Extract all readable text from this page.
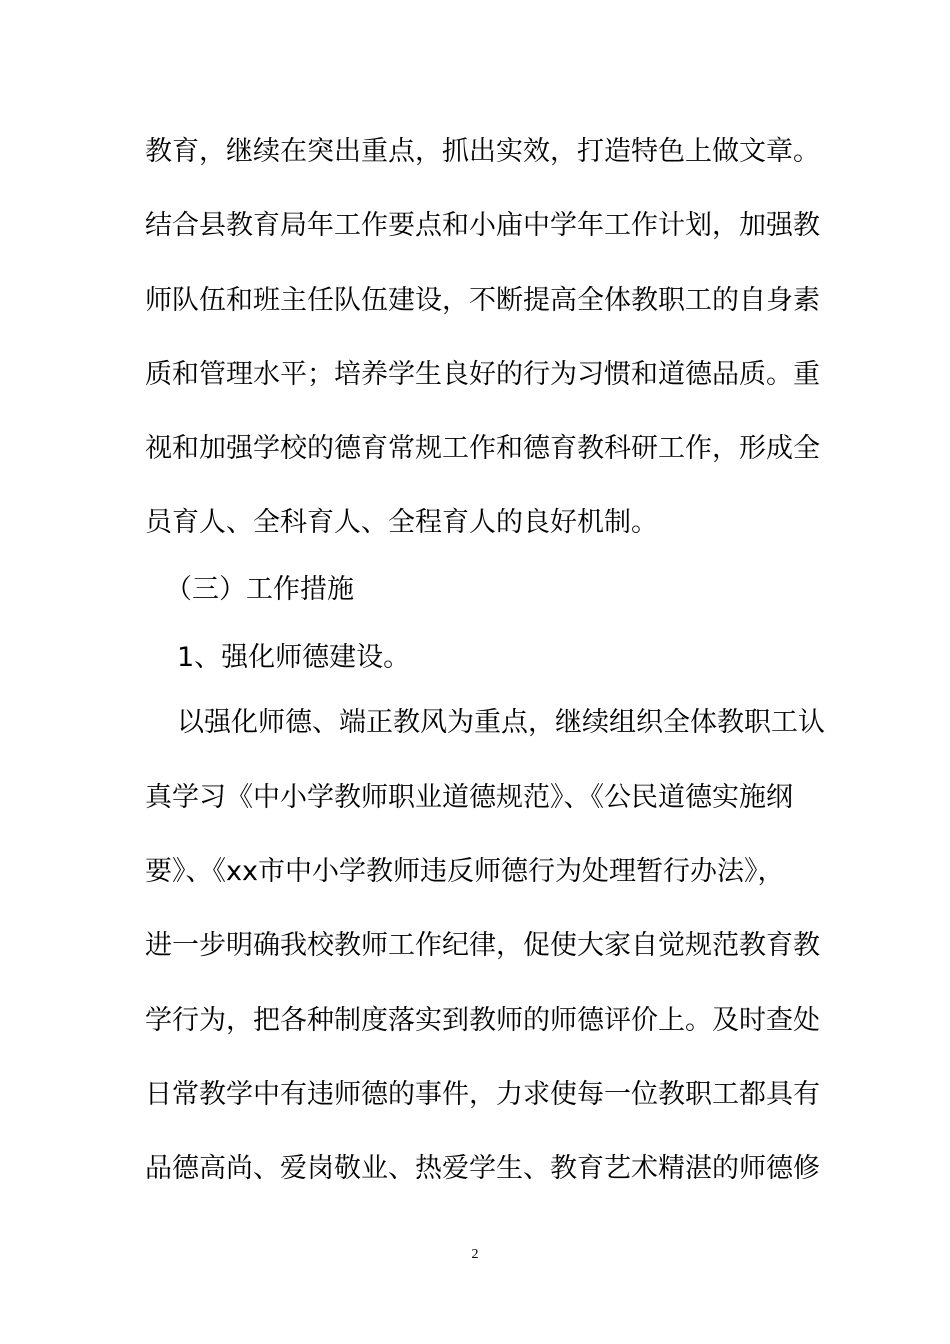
教育，继续在突出重点，抓出实效，打造特色上做文章。
结合县教育局年工作要点和小庙中学年工作计划，加强教
师队伍和班主任队伍建设，不断提高全体教职工的自身素
质和管理水平；培养学生良好的行为习惯和道德品质。重
视和加强学校的德育常规工作和德育教科研工作，形成全
员育人、全科育人、全程育人的良好机制。
（三）工作措施
1、强化师德建设。
以强化师德、端正教风为重点，继续组织全体教职工认
真学习《中小学教师职业道德规范》、《公民道德实施纲
要》、《xx市中小学教师违反师德行为处理暂行办法》，
进一步明确我校教师工作纪律，促使大家自觉规范教育教
学行为，把各种制度落实到教师的师德评价上。及时查处
日常教学中有违师德的事件，力求使每一位教职工都具有
品德高尚、爱岗敬业、热爱学生、教育艺术精湛的师德修
2
